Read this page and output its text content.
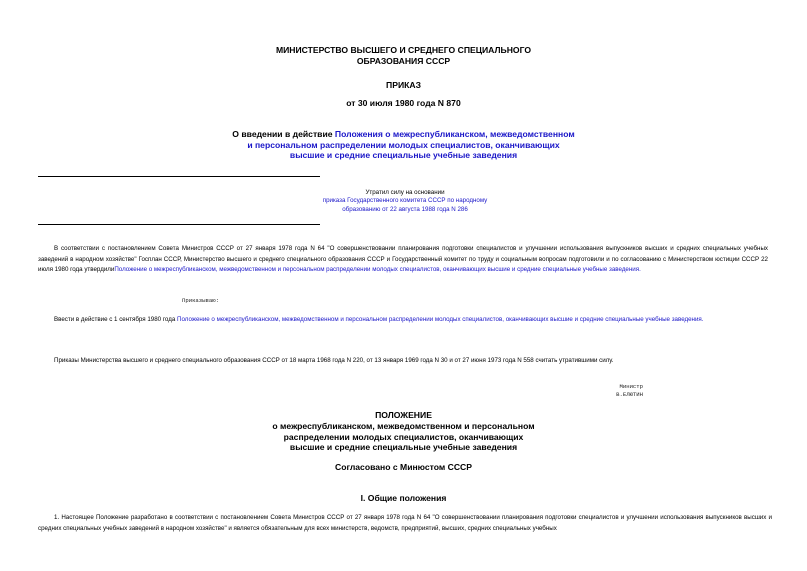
МИНИСТЕРСТВО ВЫСШЕГО И СРЕДНЕГО СПЕЦИАЛЬНОГО
ОБРАЗОВАНИЯ СССР
ПРИКАЗ
от 30 июля 1980 года N 870
О введении в действие Положения о межреспубликанском, межведомственном
и персональном распределении молодых специалистов, оканчивающих
высшие и средние специальные учебные заведения
Утратил силу на основании
приказа Государственного комитета СССР по народному
образованию от 22 августа 1988 года N 286
В соответствии с постановлением Совета Министров СССР от 27 января 1978 года N 64 "О совершенствовании планирования подготовки специалистов и улучшении использования выпускников высших и средних специальных учебных заведений в народном хозяйстве" Госплан СССР, Министерство высшего и среднего специального образования СССР и Государственный комитет по труду и социальным вопросам подготовили и по согласованию с Министерством юстиции СССР 22 июля 1980 года утвердилиПоложение о межреспубликанском, межведомственном и персональном распределении молодых специалистов, оканчивающих высшие и средние специальные учебные заведения.
Приказываю:
Ввести в действие с 1 сентября 1980 года Положение о межреспубликанском, межведомственном и персональном распределении молодых специалистов, оканчивающих высшие и средние специальные учебные заведения.
Приказы Министерства высшего и среднего специального образования СССР от 18 марта 1968 года N 220, от 13 января 1969 года N 30 и от 27 июня 1973 года N 558 считать утратившими силу.
Министр
В.ЕЛЮТИН
ПОЛОЖЕНИЕ
о межреспубликанском, межведомственном и персональном
распределении молодых специалистов, оканчивающих
высшие и средние специальные учебные заведения
Согласовано с Минюстом СССР
I. Общие положения
1. Настоящее Положение разработано в соответствии с постановлением Совета Министров СССР от 27 января 1978 года N 64 "О совершенствовании планирования подготовки специалистов и улучшении использования выпускников высших и средних специальных учебных заведений в народном хозяйстве" и является обязательным для всех министерств, ведомств, предприятий, высших, средних специальных учебных
